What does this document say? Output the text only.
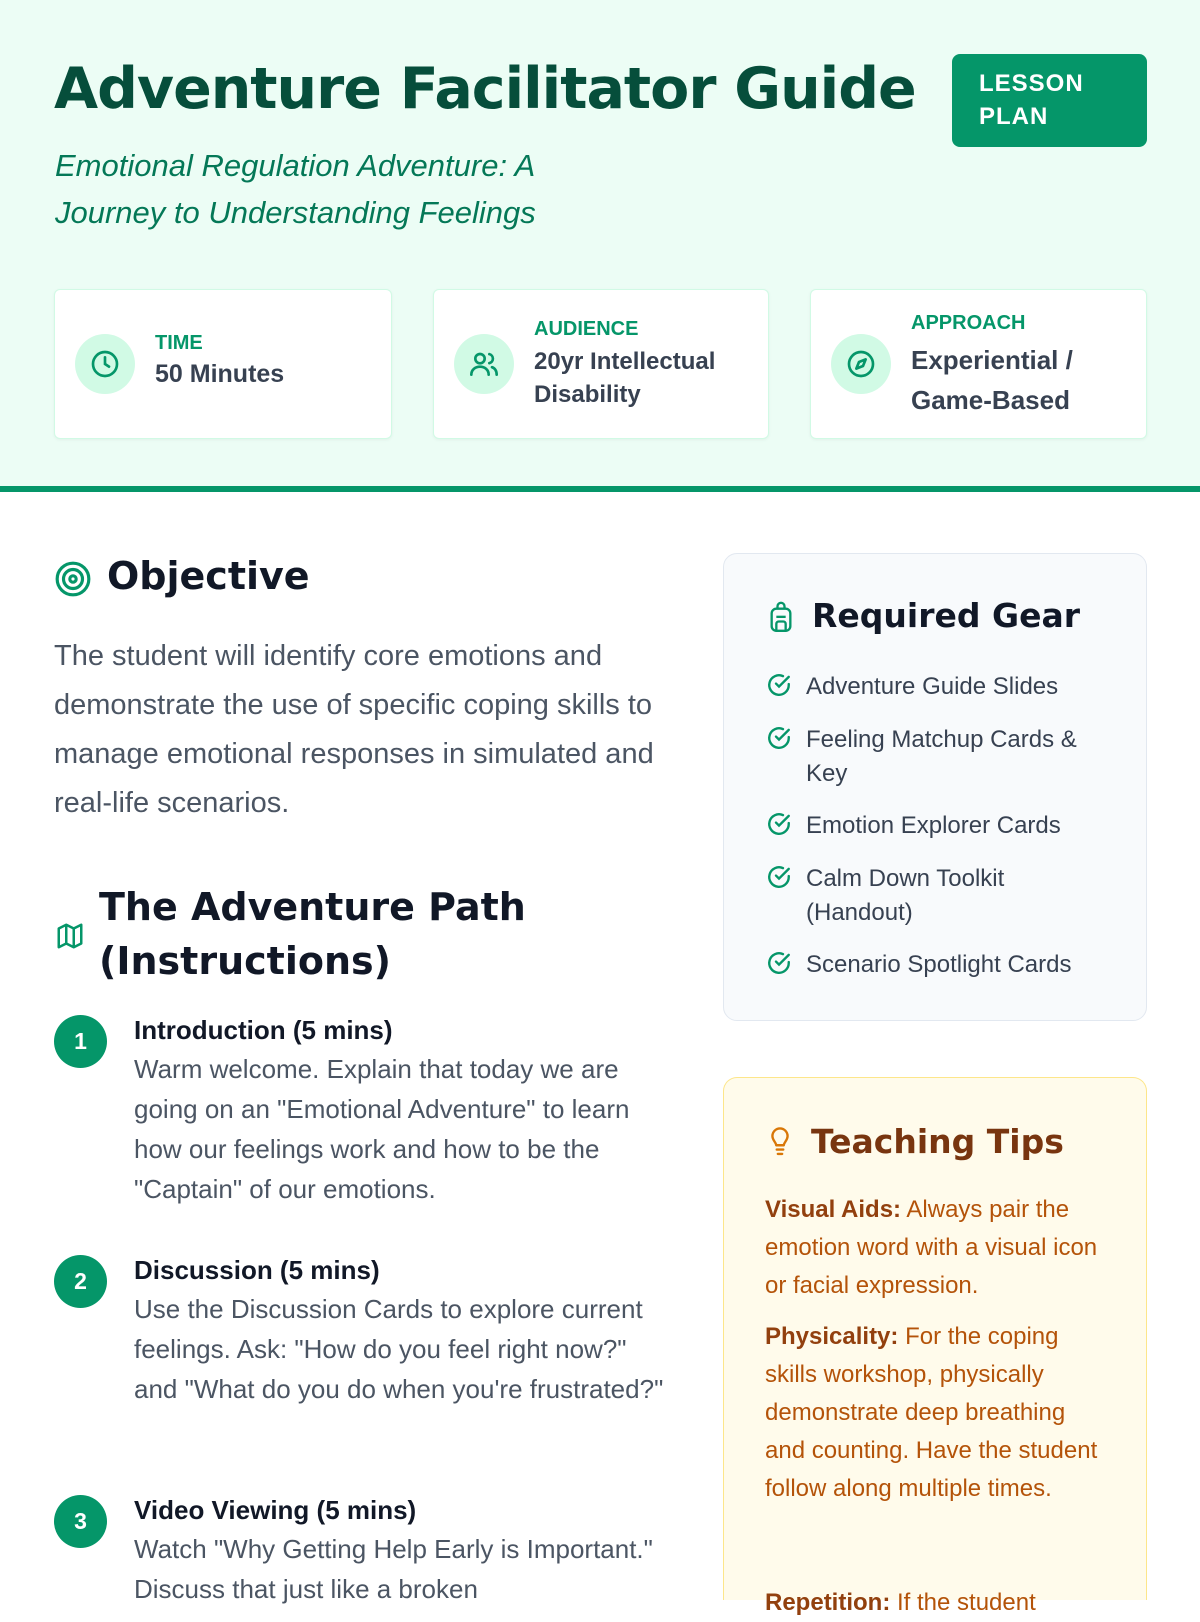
Adventure Facilitator Guide	LESSON
PLAN
Emotional Regulation Adventure: A
Journey to Understanding Feelings
TIME
50 Minutes
AUDIENCE
20yr Intellectual
Disability
APPROACH
Experiential /
Game-Based
Objective
The student will identify core emotions and demonstrate the use of specific coping skills to manage emotional responses in simulated and real-life scenarios.
The Adventure Path
(Instructions)
1	Introduction (5 mins)
Warm welcome. Explain that today we are going on an "Emotional Adventure" to learn how our feelings work and how to be the "Captain" of our emotions.
2	Discussion (5 mins)
Use the Discussion Cards to explore current feelings. Ask: "How do you feel right now?" and "What do you do when you're frustrated?"
3	Video Viewing (5 mins)
Watch "Why Getting Help Early is Important." Discuss that just like a broken
Required Gear
Adventure Guide Slides
Feeling Matchup Cards & Key
Emotion Explorer Cards
Calm Down Toolkit (Handout)
Scenario Spotlight Cards
Teaching Tips
Visual Aids: Always pair the emotion word with a visual icon or facial expression.
Physicality: For the coping skills workshop, physically demonstrate deep breathing and counting. Have the student follow along multiple times.
Repetition: If the student
